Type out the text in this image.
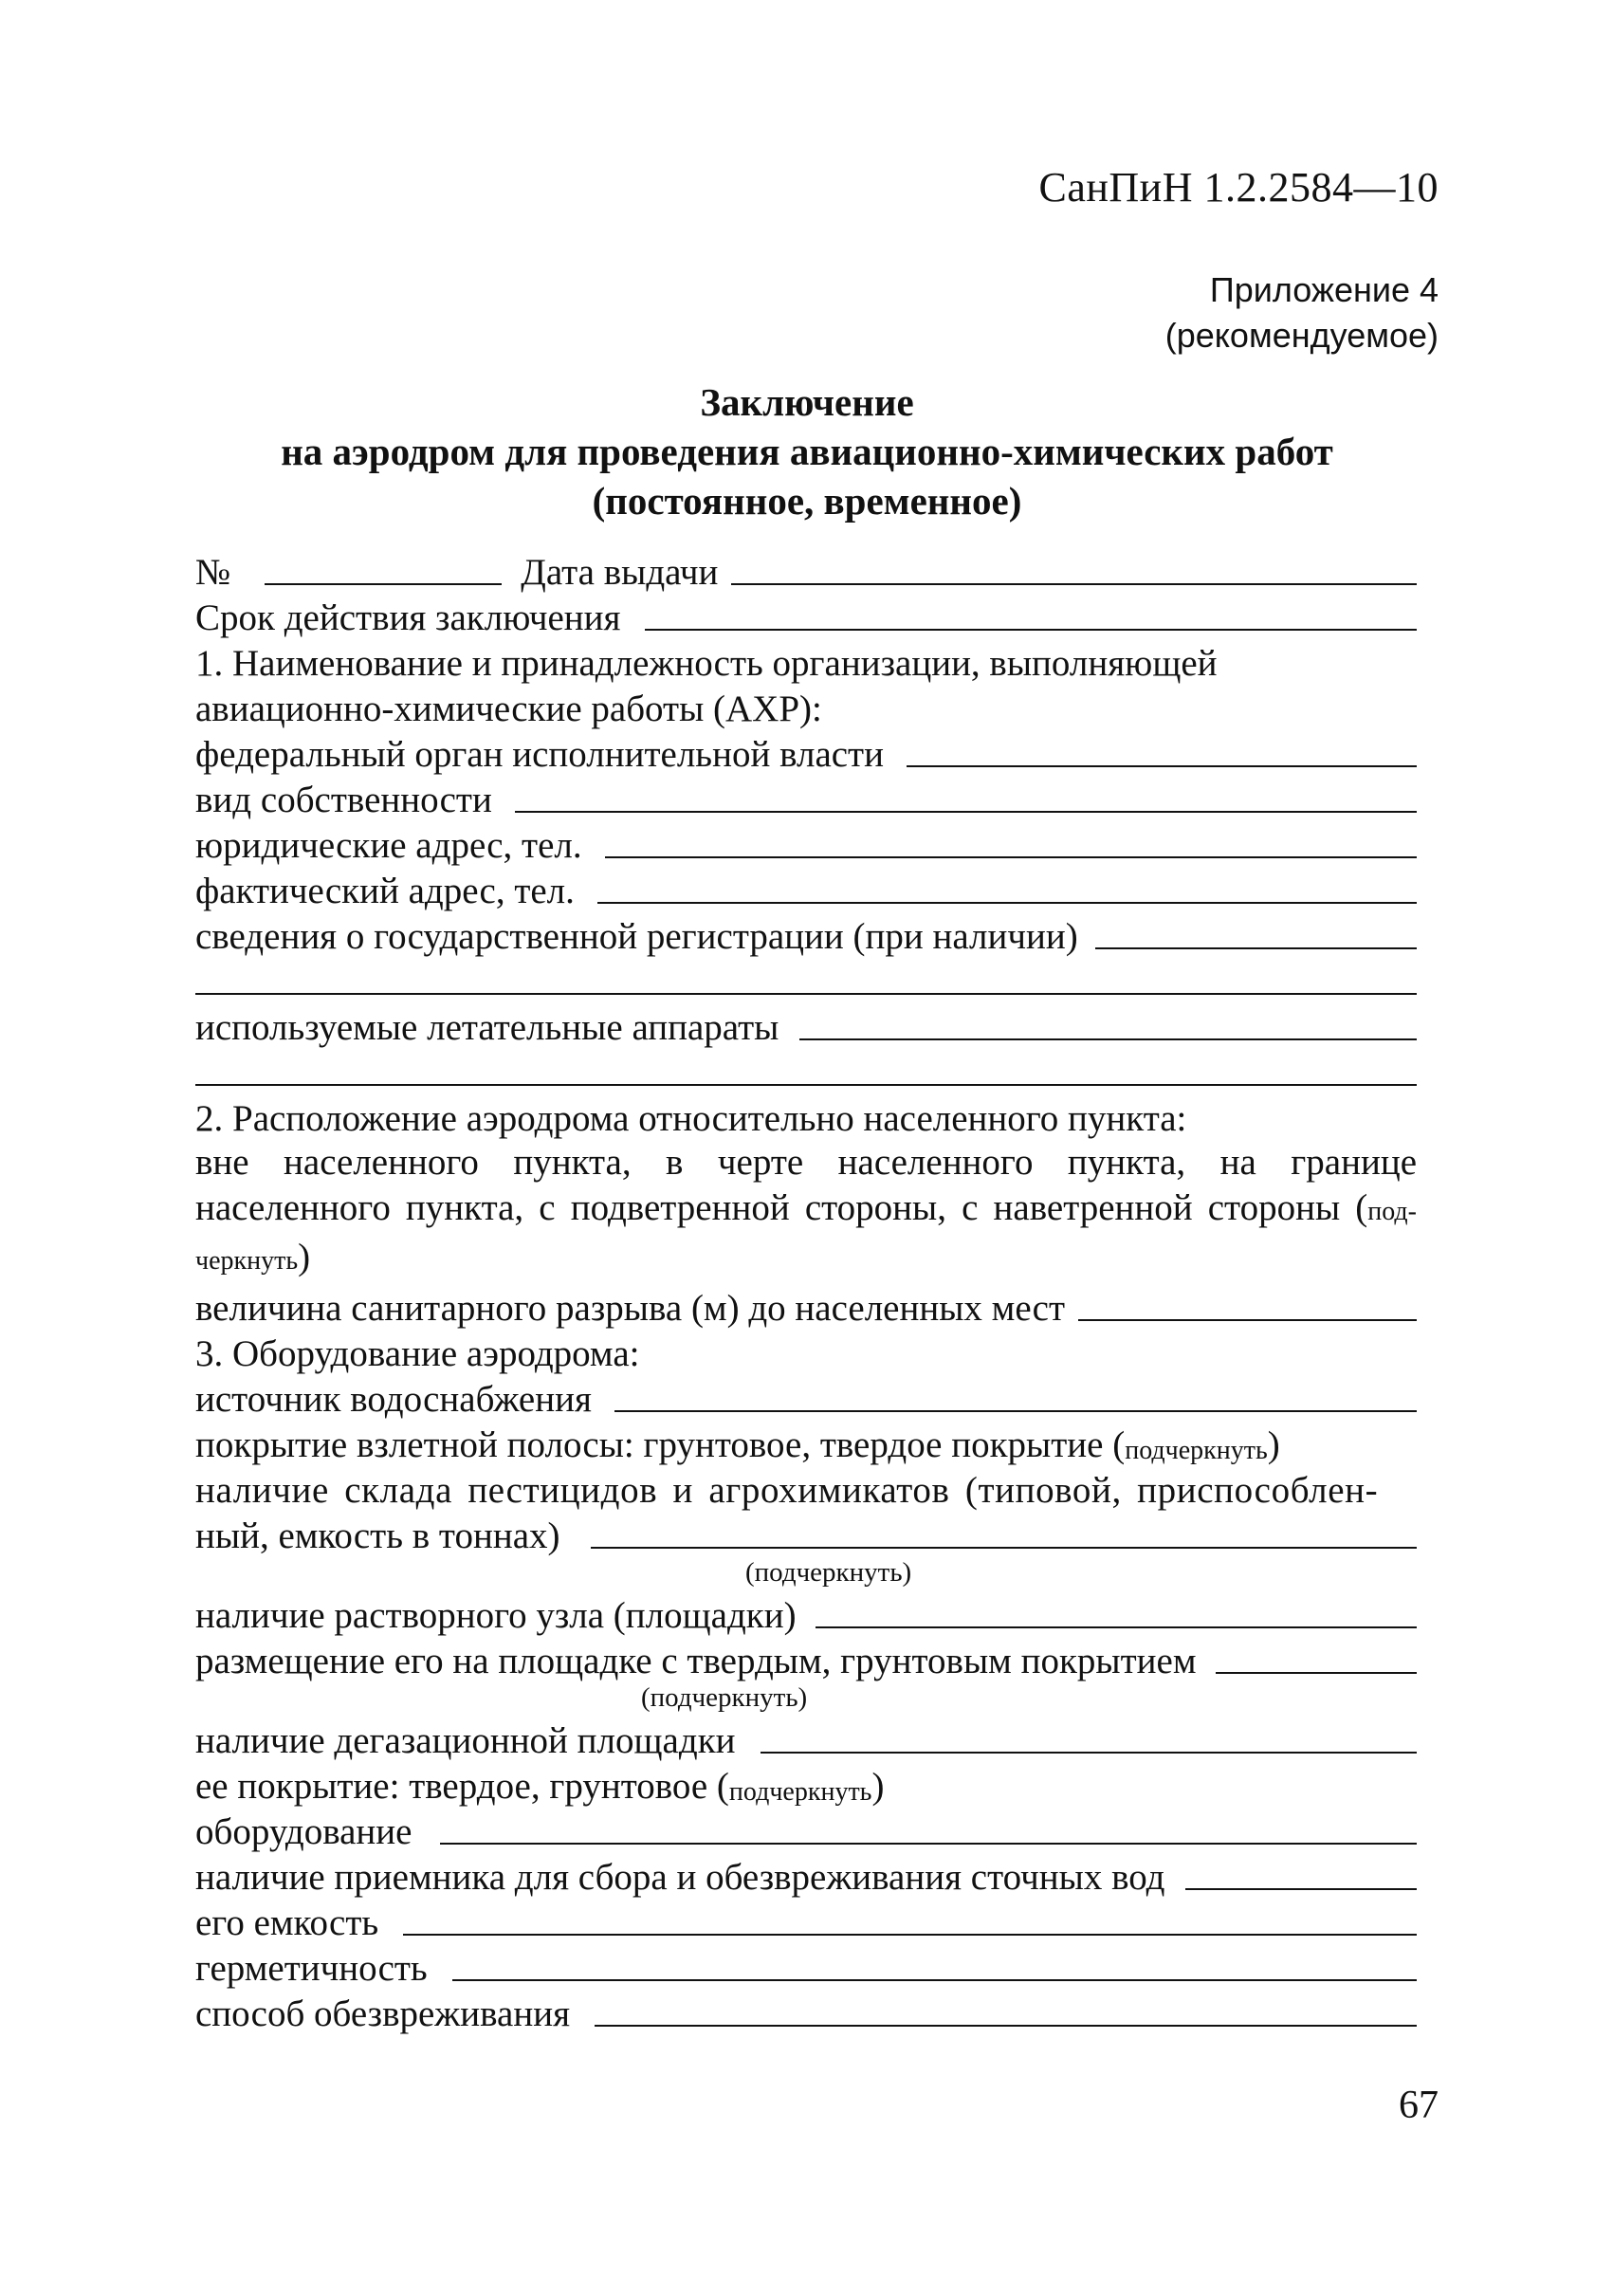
СанПиН 1.2.2584—10
Приложение 4
(рекомендуемое)
Заключение
на аэродром для проведения авиационно-химических работ
(постоянное, временное)
№	Дата выдачи
Срок действия заключения
1. Наименование и принадлежность организации, выполняющей
авиационно-химические работы (АХР):
федеральный орган исполнительной власти
вид собственности
юридические адрес, тел.
фактический адрес, тел.
сведения о государственной регистрации (при наличии)
используемые летательные аппараты
2. Расположение аэродрома относительно населенного пункта:
вне населенного пункта, в черте населенного пункта, на границе населенного пункта, с подветренной стороны, с наветренной стороны (под-черкнуть)
величина санитарного разрыва (м) до населенных мест
3. Оборудование аэродрома:
источник водоснабжения
покрытие взлетной полосы: грунтовое, твердое покрытие ( подчеркнуть )
наличие склада пестицидов и агрохимикатов (типовой, приспособлен-
ный, емкость в тоннах)
(подчеркнуть)
наличие растворного узла (площадки)
размещение его на площадке с твердым, грунтовым покрытием
(подчеркнуть)
наличие дегазационной площадки
ее покрытие: твердое, грунтовое ( подчеркнуть )
оборудование
наличие приемника для сбора и обезвреживания сточных вод
его емкость
герметичность
способ обезвреживания
67
